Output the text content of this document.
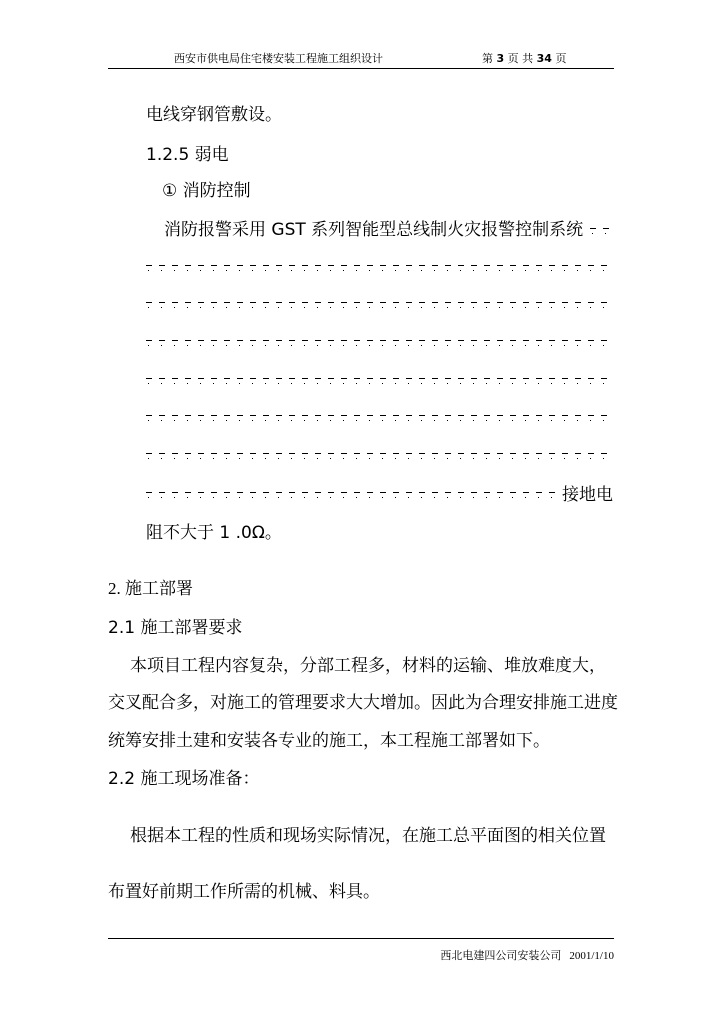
西安市供电局住宅楼安装工程施工组织设计	第 3 页 共 34 页
电线穿钢管敷设。
1.2.5 弱电
① 消防控制
消防报警采用 GST 系列智能型总线制火灾报警控制系统
接地电
阻不大于 1 .0Ω。
2. 施工部署
2.1 施工部署要求
本项目工程内容复杂，分部工程多，材料的运输、堆放难度大，
交叉配合多，对施工的管理要求大大增加。因此为合理安排施工进度
统筹安排土建和安装各专业的施工，本工程施工部署如下。
2.2 施工现场准备：
根据本工程的性质和现场实际情况，在施工总平面图的相关位置
布置好前期工作所需的机械、料具。
西北电建四公司安装公司 2001/1/10
